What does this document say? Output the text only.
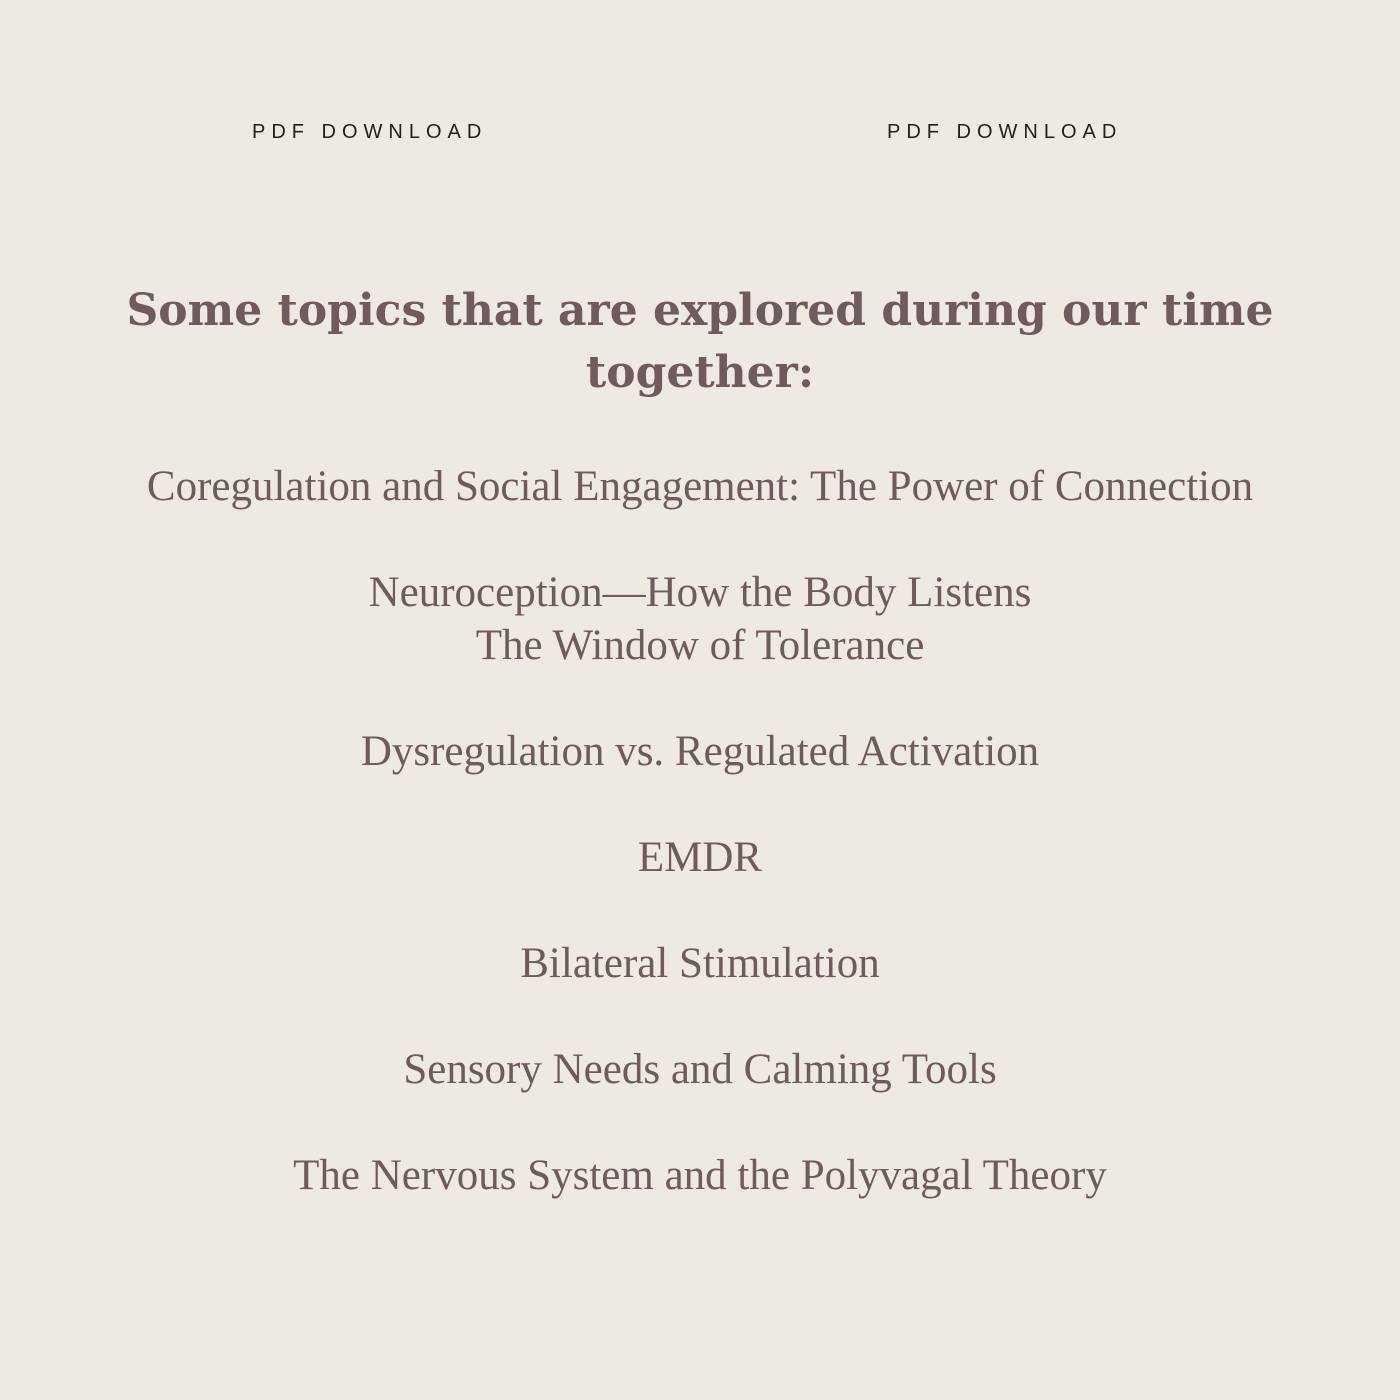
PDF DOWNLOAD	PDF DOWNLOAD
Some topics that are explored during our time together:

Coregulation and Social Engagement: The Power of Connection

Neuroception—How the Body Listens

The Window of Tolerance

Dysregulation vs. Regulated Activation

EMDR

Bilateral Stimulation

Sensory Needs and Calming Tools

The Nervous System and the Polyvagal Theory
